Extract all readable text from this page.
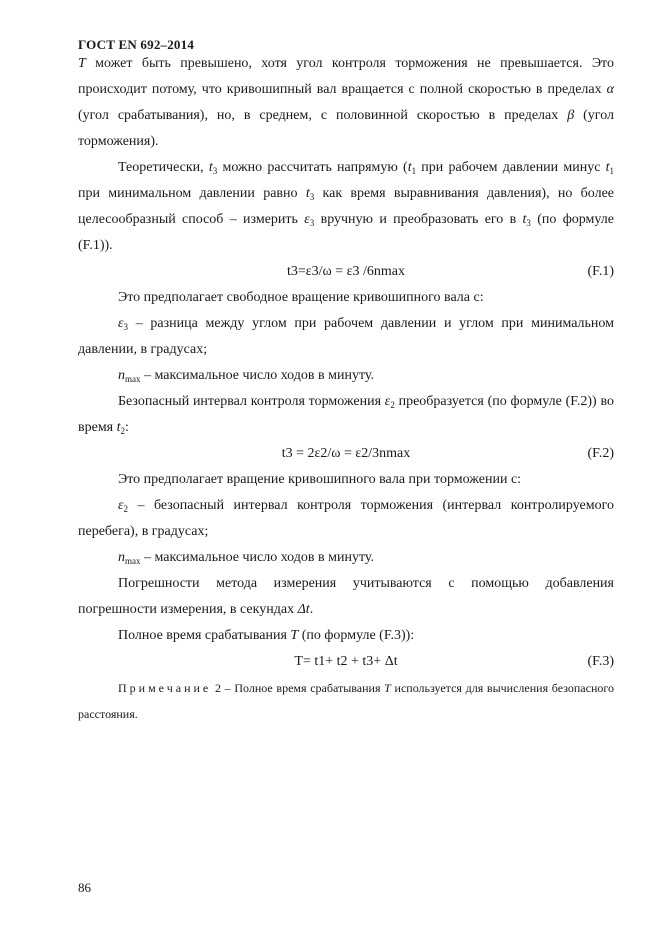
ГОСТ EN 692–2014

T может быть превышено, хотя угол контроля торможения не превышается. Это происходит потому, что кривошипный вал вращается с полной скоростью в пределах α (угол срабатывания), но, в среднем, с половинной скоростью в пределах β (угол торможения).

Теоретически, $t_3$ можно рассчитать напрямую ($t_1$ при рабочем давлении минус $t_1$ при минимальном давлении равно $t_3$ как время выравнивания давления), но более целесообразный способ – измерить $\varepsilon_3$ вручную и преобразовать его в $t_3$ (по формуле (F.1)).

t3=ε3/ω = ε3 /6nmax	(F.1)

Это предполагает свободное вращение кривошипного вала с:

$\varepsilon_3$ – разница между углом при рабочем давлении и углом при минимальном давлении, в градусах;

$n_{max}$ – максимальное число ходов в минуту.

Безопасный интервал контроля торможения $\varepsilon_2$ преобразуется (по формуле (F.2)) во время $t_2$:

t3 = 2ε2/ω = ε2/3nmax	(F.2)

Это предполагает вращение кривошипного вала при торможении с:

$\varepsilon_2$ – безопасный интервал контроля торможения (интервал контролируемого перебега), в градусах;

$n_{max}$ – максимальное число ходов в минуту.

Погрешности метода измерения учитываются с помощью добавления погрешности измерения, в секундах Δt.

Полное время срабатывания T (по формуле (F.3)):

T= t1+ t2 + t3+ Δt	(F.3)

Примечание 2 – Полное время срабатывания T используется для вычисления безопасного расстояния.

86
